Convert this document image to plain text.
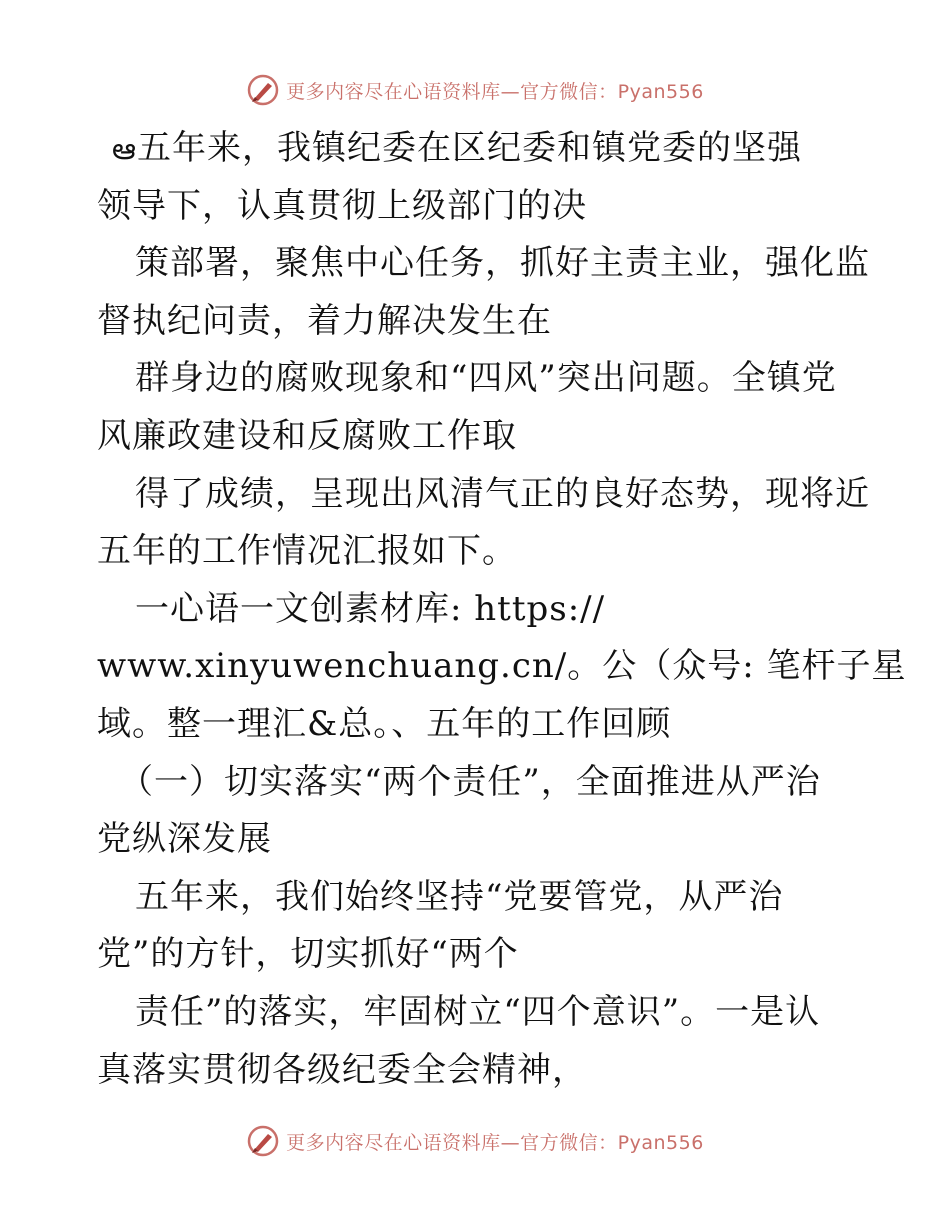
更多内容尽在心语资料库—官方微信：Pyan556
ఆ五年来，我镇纪委在区纪委和镇党委的坚强
领导下，认真贯彻上级部门的决
策部署，聚焦中心任务，抓好主责主业，强化监
督执纪问责，着力解决发生在
群身边的腐败现象和“四风”突出问题。全镇党
风廉政建设和反腐败工作取
得了成绩，呈现出风清气正的良好态势，现将近
五年的工作情况汇报如下。
一心语一文创素材库: https://
www.xinyuwenchuang.cn/。公（众号: 笔杆子星
域。整一理汇&总。、五年的工作回顾
（一）切实落实“两个责任”，全面推进从严治
党纵深发展
五年来，我们始终坚持“党要管党，从严治
党”的方针，切实抓好“两个
责任”的落实，牢固树立“四个意识”。一是认
真落实贯彻各级纪委全会精神，
更多内容尽在心语资料库—官方微信：Pyan556
